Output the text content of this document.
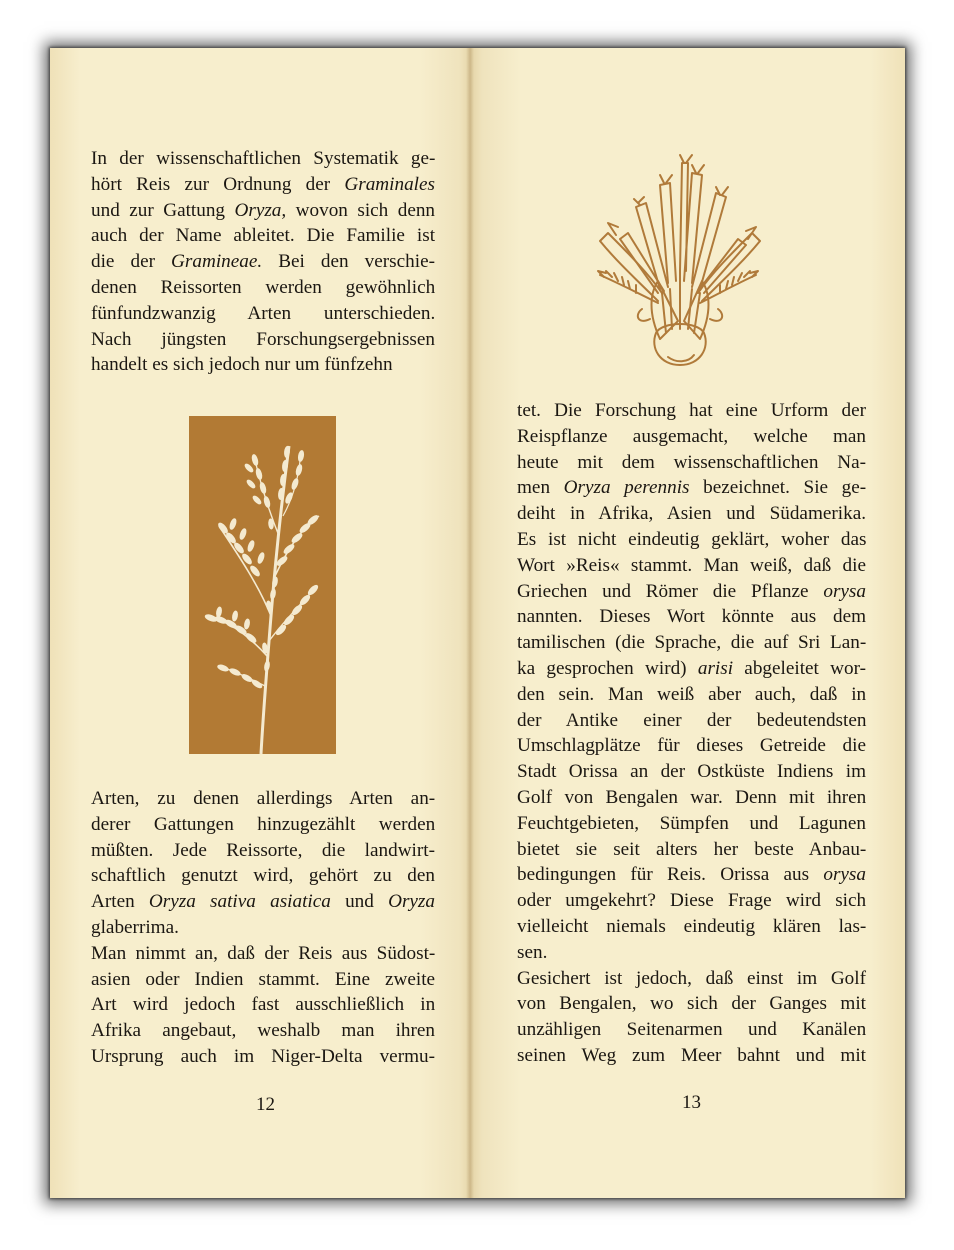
In der wissenschaftlichen Systematik ge-
hört Reis zur Ordnung der Graminales
und zur Gattung Oryza, wovon sich denn
auch der Name ableitet. Die Familie ist
die der Gramineae. Bei den verschie-
denen Reissorten werden gewöhnlich
fünfundzwanzig Arten unterschieden.
Nach jüngsten Forschungsergebnissen
handelt es sich jedoch nur um fünfzehn
Arten, zu denen allerdings Arten an-
derer Gattungen hinzugezählt werden
müßten. Jede Reissorte, die landwirt-
schaftlich genutzt wird, gehört zu den
Arten Oryza sativa asiatica und Oryza
glaberrima.
Man nimmt an, daß der Reis aus Südost-
asien oder Indien stammt. Eine zweite
Art wird jedoch fast ausschließlich in
Afrika angebaut, weshalb man ihren
Ursprung auch im Niger-Delta vermu-
12
tet. Die Forschung hat eine Urform der
Reispflanze ausgemacht, welche man
heute mit dem wissenschaftlichen Na-
men Oryza perennis bezeichnet. Sie ge-
deiht in Afrika, Asien und Südamerika.
Es ist nicht eindeutig geklärt, woher das
Wort »Reis« stammt. Man weiß, daß die
Griechen und Römer die Pflanze orysa
nannten. Dieses Wort könnte aus dem
tamilischen (die Sprache, die auf Sri Lan-
ka gesprochen wird) arisi abgeleitet wor-
den sein. Man weiß aber auch, daß in
der Antike einer der bedeutendsten
Umschlagplätze für dieses Getreide die
Stadt Orissa an der Ostküste Indiens im
Golf von Bengalen war. Denn mit ihren
Feuchtgebieten, Sümpfen und Lagunen
bietet sie seit alters her beste Anbau-
bedingungen für Reis. Orissa aus orysa
oder umgekehrt? Diese Frage wird sich
vielleicht niemals eindeutig klären las-
sen.
Gesichert ist jedoch, daß einst im Golf
von Bengalen, wo sich der Ganges mit
unzähligen Seitenarmen und Kanälen
seinen Weg zum Meer bahnt und mit
13
